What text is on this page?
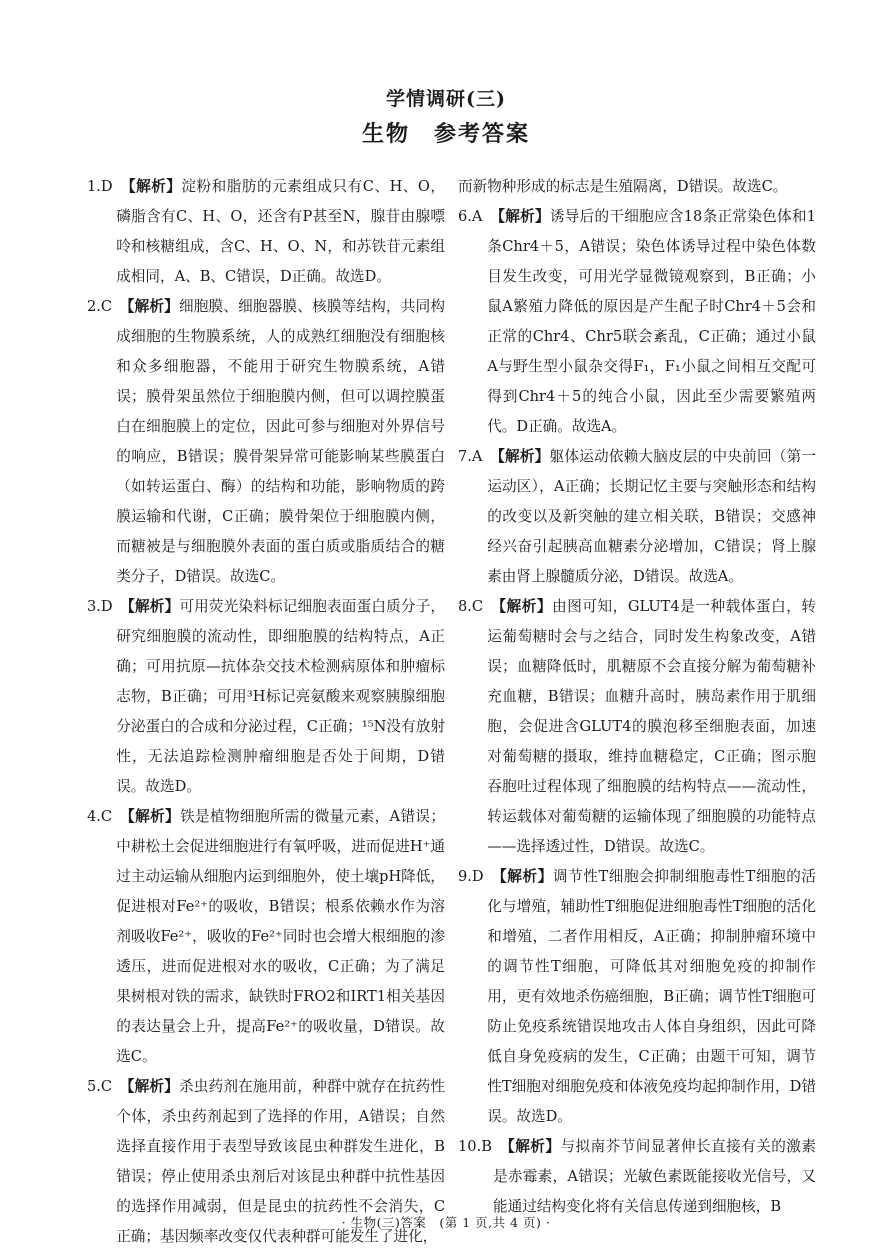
学情调研(三)
生物　参考答案

1.D　 【解析】淀粉和脂肪的元素组成只有C、H、O，磷脂含有C、H、O，还含有P甚至N，腺苷由腺嘌呤和核糖组成，含C、H、O、N，和苏铁苷元素组成相同，A、B、C错误，D正确。故选D。

2.C　 【解析】细胞膜、细胞器膜、核膜等结构，共同构成细胞的生物膜系统，人的成熟红细胞没有细胞核和众多细胞器，不能用于研究生物膜系统，A错误；膜骨架虽然位于细胞膜内侧，但可以调控膜蛋白在细胞膜上的定位，因此可参与细胞对外界信号的响应，B错误；膜骨架异常可能影响某些膜蛋白（如转运蛋白、酶）的结构和功能，影响物质的跨膜运输和代谢，C正确；膜骨架位于细胞膜内侧，而糖被是与细胞膜外表面的蛋白质或脂质结合的糖类分子，D错误。故选C。

3.D　 【解析】可用荧光染料标记细胞表面蛋白质分子，研究细胞膜的流动性，即细胞膜的结构特点，A正确；可用抗原—抗体杂交技术检测病原体和肿瘤标志物，B正确；可用³H标记亮氨酸来观察胰腺细胞分泌蛋白的合成和分泌过程，C正确；¹⁵N没有放射性，无法追踪检测肿瘤细胞是否处于间期，D错误。故选D。

4.C　 【解析】铁是植物细胞所需的微量元素，A错误；中耕松土会促进细胞进行有氧呼吸，进而促进H⁺通过主动运输从细胞内运到细胞外，使土壤pH降低，促进根对Fe²⁺的吸收，B错误；根系依赖水作为溶剂吸收Fe²⁺，吸收的Fe²⁺同时也会增大根细胞的渗透压，进而促进根对水的吸收，C正确；为了满足果树根对铁的需求，缺铁时FRO2和IRT1相关基因的表达量会上升，提高Fe²⁺的吸收量，D错误。故选C。

5.C　 【解析】杀虫药剂在施用前，种群中就存在抗药性个体，杀虫药剂起到了选择的作用，A错误；自然选择直接作用于表型导致该昆虫种群发生进化，B错误；停止使用杀虫剂后对该昆虫种群中抗性基因的选择作用减弱，但是昆虫的抗药性不会消失，C正确；基因频率改变仅代表种群可能发生了进化，

而新物种形成的标志是生殖隔离，D错误。故选C。

6.A　 【解析】诱导后的干细胞应含18条正常染色体和1条Chr4＋5，A错误；染色体诱导过程中染色体数目发生改变，可用光学显微镜观察到，B正确；小鼠A繁殖力降低的原因是产生配子时Chr4＋5会和正常的Chr4、Chr5联会紊乱，C正确；通过小鼠A与野生型小鼠杂交得F₁，F₁小鼠之间相互交配可得到Chr4＋5的纯合小鼠，因此至少需要繁殖两代。D正确。故选A。

7.A　 【解析】躯体运动依赖大脑皮层的中央前回（第一运动区），A正确；长期记忆主要与突触形态和结构的改变以及新突触的建立相关联，B错误；交感神经兴奋引起胰高血糖素分泌增加，C错误；肾上腺素由肾上腺髓质分泌，D错误。故选A。

8.C　 【解析】由图可知，GLUT4是一种载体蛋白，转运葡萄糖时会与之结合，同时发生构象改变，A错误；血糖降低时，肌糖原不会直接分解为葡萄糖补充血糖，B错误；血糖升高时，胰岛素作用于肌细胞，会促进含GLUT4的膜泡移至细胞表面，加速对葡萄糖的摄取，维持血糖稳定，C正确；图示胞吞胞吐过程体现了细胞膜的结构特点——流动性，转运载体对葡萄糖的运输体现了细胞膜的功能特点——选择透过性，D错误。故选C。

9.D　 【解析】调节性T细胞会抑制细胞毒性T细胞的活化与增殖，辅助性T细胞促进细胞毒性T细胞的活化和增殖，二者作用相反，A正确；抑制肿瘤环境中的调节性T细胞，可降低其对细胞免疫的抑制作用，更有效地杀伤癌细胞，B正确；调节性T细胞可防止免疫系统错误地攻击人体自身组织，因此可降低自身免疫病的发生，C正确；由题干可知，调节性T细胞对细胞免疫和体液免疫均起抑制作用，D错误。故选D。

10.B　 【解析】与拟南芥节间显著伸长直接有关的激素是赤霉素，A错误；光敏色素既能接收光信号，又能通过结构变化将有关信息传递到细胞核，B

· 生物(三)答案　(第 1 页,共 4 页) ·
